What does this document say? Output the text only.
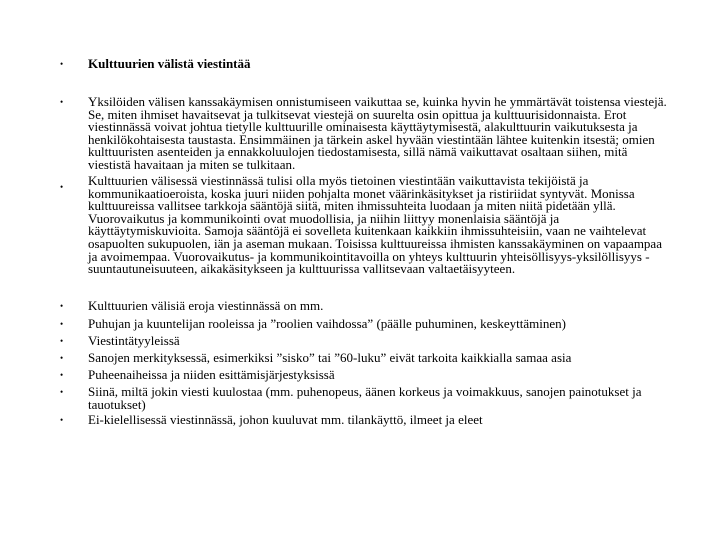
• Kulttuurien välistä viestintää
• Yksilöiden välisen kanssakäymisen onnistumiseen vaikuttaa se, kuinka hyvin he ymmärtävät toistensa viestejä. Se, miten ihmiset havaitsevat ja tulkitsevat viestejä on suurelta osin opittua ja kulttuurisidonnaista. Erot viestinnässä voivat johtua tietylle kulttuurille ominaisesta käyttäytymisestä, alakulttuurin vaikutuksesta ja henkilökohtaisesta taustasta. Ensimmäinen ja tärkein askel hyvään viestintään lähtee kuitenkin itsestä; omien kulttuuristen asenteiden ja ennakkoluulojen tiedostamisesta, sillä nämä vaikuttavat osaltaan siihen, mitä viestistä havaitaan ja miten se tulkitaan.
• Kulttuurien välisessä viestinnässä tulisi olla myös tietoinen viestintään vaikuttavista tekijöistä ja kommunikaatioeroista, koska juuri niiden pohjalta monet väärinkäsitykset ja ristiriidat syntyvät. Monissa kulttuureissa vallitsee tarkkoja sääntöjä siitä, miten ihmissuhteita luodaan ja miten niitä pidetään yllä. Vuorovaikutus ja kommunikointi ovat muodollisia, ja niihin liittyy monenlaisia sääntöjä ja käyttäytymiskuvioita. Samoja sääntöjä ei sovelleta kuitenkaan kaikkiin ihmissuhteisiin, vaan ne vaihtelevat osapuolten sukupuolen, iän ja aseman mukaan. Toisissa kulttuureissa ihmisten kanssakäyminen on vapaampaa ja avoimempaa. Vuorovaikutus- ja kommunikointitavoilla on yhteys kulttuurin yhteisöllisyys-yksilöllisyys -suuntautuneisuuteen, aikakäsitykseen ja kulttuurissa vallitsevaan valtaetäisyyteen.
• Kulttuurien välisiä eroja viestinnässä on mm.
• Puhujan ja kuuntelijan rooleissa ja ”roolien vaihdossa” (päälle puhuminen, keskeyttäminen)
• Viestintätyyleissä
• Sanojen merkityksessä, esimerkiksi ”sisko” tai ”60-luku” eivät tarkoita kaikkialla samaa asia
• Puheenaiheissa ja niiden esittämisjärjestyksissä
• Siinä, miltä jokin viesti kuulostaa (mm. puhenopeus, äänen korkeus ja voimakkuus, sanojen painotukset ja tauotukset)
• Ei-kielellisessä viestinnässä, johon kuuluvat mm. tilankäyttö, ilmeet ja eleet
